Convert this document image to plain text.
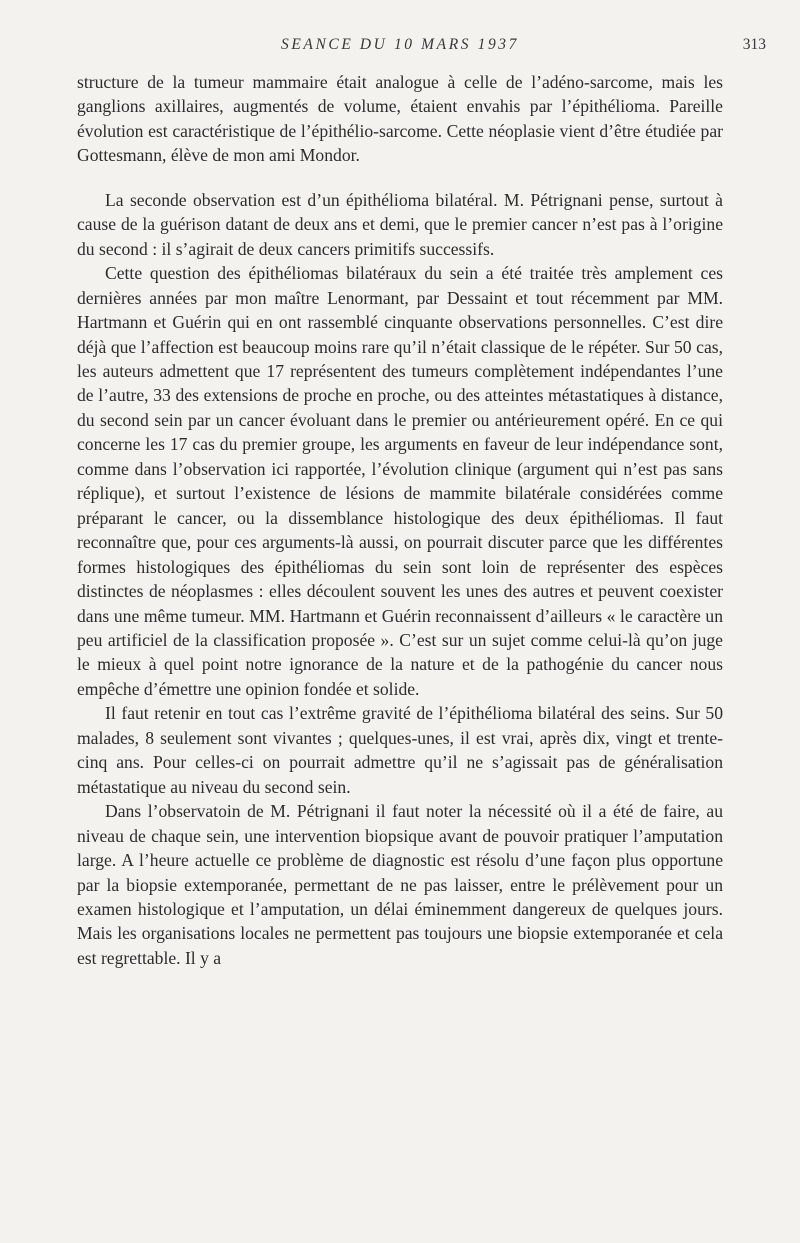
SEANCE DU 10 MARS 1937	313

structure de la tumeur mammaire était analogue à celle de l’adéno-sarcome, mais les ganglions axillaires, augmentés de volume, étaient envahis par l’épithélioma. Pareille évolution est caractéristique de l’épithélio-sarcome. Cette néoplasie vient d’être étudiée par Gottesmann, élève de mon ami Mondor.

La seconde observation est d’un épithélioma bilatéral. M. Pétrignani pense, surtout à cause de la guérison datant de deux ans et demi, que le premier cancer n’est pas à l’origine du second : il s’agirait de deux cancers primitifs successifs.

Cette question des épithéliomas bilatéraux du sein a été traitée très amplement ces dernières années par mon maître Lenormant, par Dessaint et tout récemment par MM. Hartmann et Guérin qui en ont rassemblé cinquante observations personnelles. C’est dire déjà que l’affection est beaucoup moins rare qu’il n’était classique de le répéter. Sur 50 cas, les auteurs admettent que 17 représentent des tumeurs complètement indépendantes l’une de l’autre, 33 des extensions de proche en proche, ou des atteintes métastatiques à distance, du second sein par un cancer évoluant dans le premier ou antérieurement opéré. En ce qui concerne les 17 cas du premier groupe, les arguments en faveur de leur indépendance sont, comme dans l’observation ici rapportée, l’évolution clinique (argument qui n’est pas sans réplique), et surtout l’existence de lésions de mammite bilatérale considérées comme préparant le cancer, ou la dissemblance histologique des deux épithéliomas. Il faut reconnaître que, pour ces arguments-là aussi, on pourrait discuter parce que les différentes formes histologiques des épithéliomas du sein sont loin de représenter des espèces distinctes de néoplasmes : elles découlent souvent les unes des autres et peuvent coexister dans une même tumeur. MM. Hartmann et Guérin reconnaissent d’ailleurs « le caractère un peu artificiel de la classification proposée ». C’est sur un sujet comme celui-là qu’on juge le mieux à quel point notre ignorance de la nature et de la pathogénie du cancer nous empêche d’émettre une opinion fondée et solide.

Il faut retenir en tout cas l’extrême gravité de l’épithélioma bilatéral des seins. Sur 50 malades, 8 seulement sont vivantes ; quelques-unes, il est vrai, après dix, vingt et trente-cinq ans. Pour celles-ci on pourrait admettre qu’il ne s’agissait pas de généralisation métastatique au niveau du second sein.

Dans l’observatoin de M. Pétrignani il faut noter la nécessité où il a été de faire, au niveau de chaque sein, une intervention biopsique avant de pouvoir pratiquer l’amputation large. A l’heure actuelle ce problème de diagnostic est résolu d’une façon plus opportune par la biopsie extemporanée, permettant de ne pas laisser, entre le prélèvement pour un examen histologique et l’amputation, un délai éminemment dangereux de quelques jours. Mais les organisations locales ne permettent pas toujours une biopsie extemporanée et cela est regrettable. Il y a
